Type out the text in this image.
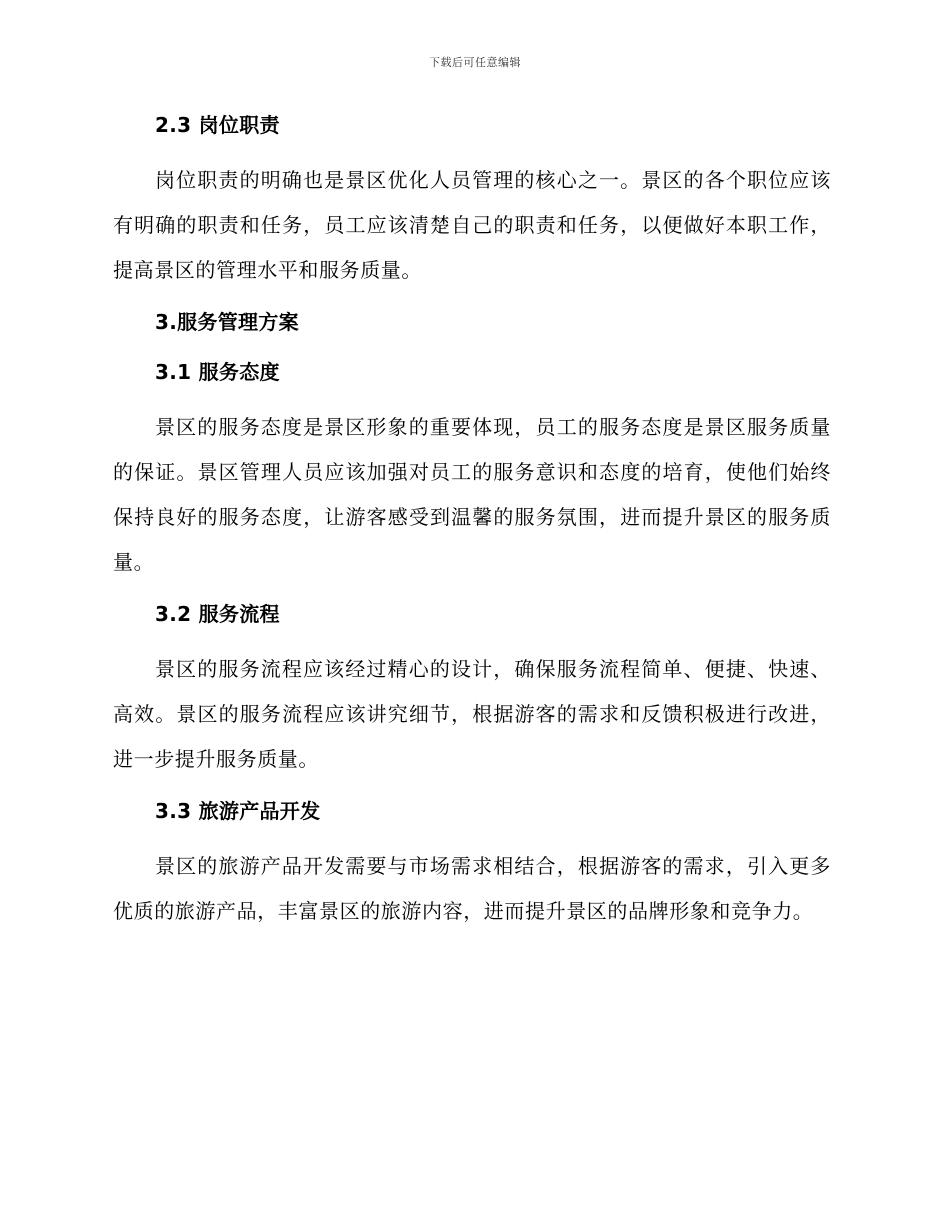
下载后可任意编辑
2.3 岗位职责

岗位职责的明确也是景区优化人员管理的核心之一。景区的各个职位应该有明确的职责和任务，员工应该清楚自己的职责和任务，以便做好本职工作，提高景区的管理水平和服务质量。

3.服务管理方案
3.1 服务态度

景区的服务态度是景区形象的重要体现，员工的服务态度是景区服务质量的保证。景区管理人员应该加强对员工的服务意识和态度的培育，使他们始终保持良好的服务态度，让游客感受到温馨的服务氛围，进而提升景区的服务质量。

3.2 服务流程

景区的服务流程应该经过精心的设计，确保服务流程简单、便捷、快速、高效。景区的服务流程应该讲究细节，根据游客的需求和反馈积极进行改进，进一步提升服务质量。

3.3 旅游产品开发

景区的旅游产品开发需要与市场需求相结合，根据游客的需求，引入更多优质的旅游产品，丰富景区的旅游内容，进而提升景区的品牌形象和竞争力。
